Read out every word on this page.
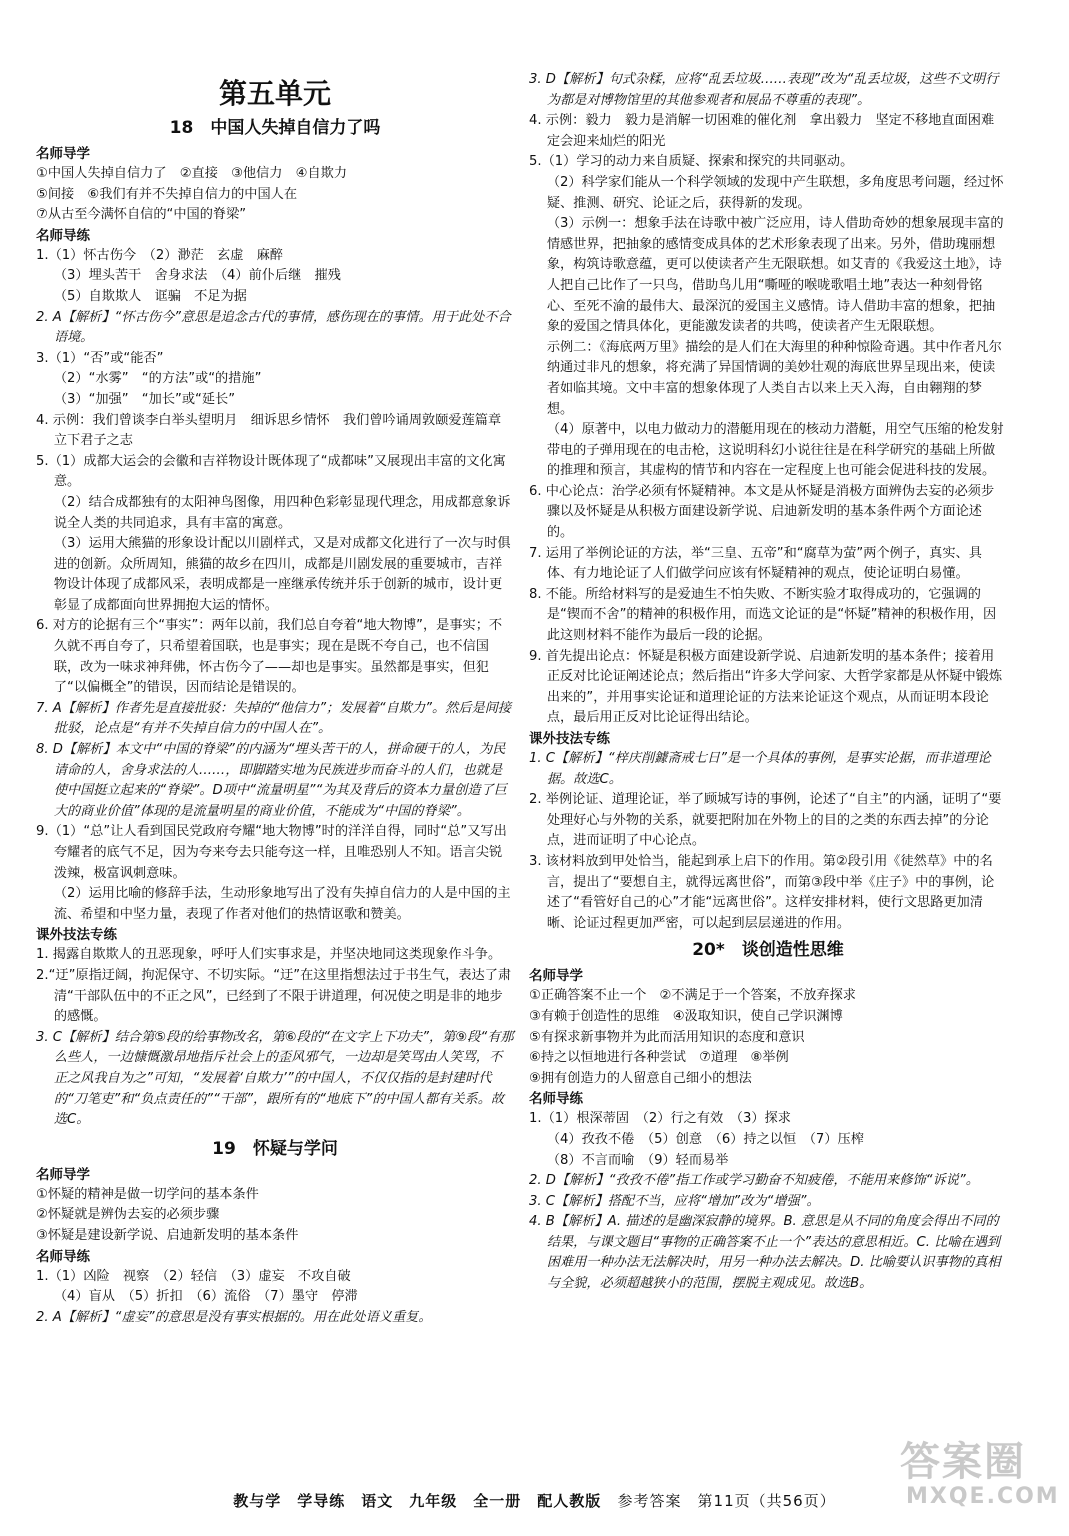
第五单元
18　中国人失掉自信力了吗
名师导学
①中国人失掉自信力了　②直接　③他信力　④自欺力
⑤间接　⑥我们有并不失掉自信力的中国人在
⑦从古至今满怀自信的“中国的脊梁”
名师导练
1.（1）怀古伤今　（2）渺茫　玄虚　麻醉
（3）埋头苦干　舍身求法　（4）前仆后继　摧残
（5）自欺欺人　诓骗　不足为据
2. A【解析】“怀古伤今”意思是追念古代的事情，感伤现在的事情。用于此处不合语境。
3.（1）“否”或“能否”
（2）“水雾”　“的方法”或“的措施”
（3）“加强”　“加长”或“延长”
4. 示例：我们曾谈李白举头望明月　细诉思乡情怀　我们曾吟诵周敦颐爱莲篇章　立下君子之志
5.（1）成都大运会的会徽和吉祥物设计既体现了“成都味”又展现出丰富的文化寓意。
（2）结合成都独有的太阳神鸟图像，用四种色彩彰显现代理念，用成都意象诉说全人类的共同追求，具有丰富的寓意。
（3）运用大熊猫的形象设计配以川剧样式，又是对成都文化进行了一次与时俱进的创新。众所周知，熊猫的故乡在四川，成都是川剧发展的重要城市，吉祥物设计体现了成都风采，表明成都是一座继承传统并乐于创新的城市，设计更彰显了成都面向世界拥抱大运的情怀。
6. 对方的论据有三个“事实”：两年以前，我们总自夸着“地大物博”，是事实；不久就不再自夸了，只希望着国联，也是事实；现在是既不夸自己，也不信国联，改为一味求神拜佛，怀古伤今了——却也是事实。虽然都是事实，但犯了“以偏概全”的错误，因而结论是错误的。
7. A【解析】作者先是直接批驳：失掉的“他信力”；发展着“自欺力”。然后是间接批驳，论点是“有并不失掉自信力的中国人在”。
8. D【解析】本文中“中国的脊梁”的内涵为“埋头苦干的人，拼命硬干的人，为民请命的人，舍身求法的人……，即脚踏实地为民族进步而奋斗的人们，也就是使中国挺立起来的“脊梁”。D项中“流量明星”“为其及背后的资本力量创造了巨大的商业价值”体现的是流量明星的商业价值，不能成为“中国的脊梁”。
9.（1）“总”让人看到国民党政府夸耀“地大物博”时的洋洋自得，同时“总”又写出夸耀者的底气不足，因为夸来夸去只能夸这一样，且唯恐别人不知。语言尖锐泼辣，极富讽刺意味。
（2）运用比喻的修辞手法，生动形象地写出了没有失掉自信力的人是中国的主流、希望和中坚力量，表现了作者对他们的热情讴歌和赞美。
课外技法专练
1. 揭露自欺欺人的丑恶现象，呼吁人们实事求是，并坚决地同这类现象作斗争。
2.“迂”原指迂阔，拘泥保守、不切实际。“迂”在这里指想法过于书生气，表达了肃清“干部队伍中的不正之风”，已经到了不限于讲道理，何况使之明是非的地步的感慨。
3. C【解析】结合第⑤段的给事物改名，第⑥段的“在文字上下功夫”，第⑨段“有那么些人，一边慷慨激昂地指斥社会上的歪风邪气，一边却是笑骂由人笑骂，不正之风我自为之”可知，“发展着‘自欺力’”的中国人，不仅仅指的是封建时代的“刀笔吏”和“负点责任的”“干部”，跟所有的“地底下”的中国人都有关系。故选C。
19　怀疑与学问
名师导学
①怀疑的精神是做一切学问的基本条件
②怀疑就是辨伪去妄的必须步骤
③怀疑是建设新学说、启迪新发明的基本条件
名师导练
1.（1）凶险　视察　（2）轻信　（3）虚妄　不攻自破
（4）盲从　（5）折扣　（6）流俗　（7）墨守　停滞
2. A【解析】“虚妄”的意思是没有事实根据的。用在此处语义重复。
3. D【解析】句式杂糅，应将“乱丢垃圾……表现”改为“乱丢垃圾，这些不文明行为都是对博物馆里的其他参观者和展品不尊重的表现”。
4. 示例：毅力　毅力是消解一切困难的催化剂　拿出毅力　坚定不移地直面困难　定会迎来灿烂的阳光
5.（1）学习的动力来自质疑、探索和探究的共同驱动。
（2）科学家们能从一个科学领域的发现中产生联想，多角度思考问题，经过怀疑、推测、研究、论证之后，获得新的发现。
（3）示例一：想象手法在诗歌中被广泛应用，诗人借助奇妙的想象展现丰富的情感世界，把抽象的感情变成具体的艺术形象表现了出来。另外，借助瑰丽想象，构筑诗歌意蕴，更可以使读者产生无限联想。如艾青的《我爱这土地》，诗人把自己比作了一只鸟，借助鸟儿用“嘶哑的喉咙歌唱土地”表达一种刻骨铭心、至死不渝的最伟大、最深沉的爱国主义感情。诗人借助丰富的想象，把抽象的爱国之情具体化，更能激发读者的共鸣，使读者产生无限联想。
示例二：《海底两万里》描绘的是人们在大海里的种种惊险奇遇。其中作者凡尔纳通过非凡的想象，将充满了异国情调的美妙壮观的海底世界呈现出来，使读者如临其境。文中丰富的想象体现了人类自古以来上天入海，自由翱翔的梦想。
（4）原著中，以电力做动力的潜艇用现在的核动力潜艇，用空气压缩的枪发射带电的子弹用现在的电击枪，这说明科幻小说往往是在科学研究的基础上所做的推理和预言，其虚构的情节和内容在一定程度上也可能会促进科技的发展。
6. 中心论点：治学必须有怀疑精神。本文是从怀疑是消极方面辨伪去妄的必须步骤以及怀疑是从积极方面建设新学说、启迪新发明的基本条件两个方面论述的。
7. 运用了举例论证的方法，举“三皇、五帝”和“腐草为萤”两个例子，真实、具体、有力地论证了人们做学问应该有怀疑精神的观点，使论证明白易懂。
8. 不能。所给材料写的是爱迪生不怕失败、不断实验才取得成功的，它强调的是“锲而不舍”的精神的积极作用，而选文论证的是“怀疑”精神的积极作用，因此这则材料不能作为最后一段的论据。
9. 首先提出论点：怀疑是积极方面建设新学说、启迪新发明的基本条件；接着用正反对比论证阐述论点；然后指出“许多大学问家、大哲学家都是从怀疑中锻炼出来的”，并用事实论证和道理论证的方法来论证这个观点，从而证明本段论点，最后用正反对比论证得出结论。
课外技法专练
1. C【解析】“梓庆削鐻斋戒七日”是一个具体的事例，是事实论据，而非道理论据。故选C。
2. 举例论证、道理论证，举了顾城写诗的事例，论述了“自主”的内涵，证明了“要处理好心与外物的关系，就要把附加在外物上的目的之类的东西去掉”的分论点，进而证明了中心论点。
3. 该材料放到甲处恰当，能起到承上启下的作用。第②段引用《徒然草》中的名言，提出了“要想自主，就得远离世俗”，而第③段中举《庄子》中的事例，论述了“看管好自己的心”才能“远离世俗”。这样安排材料，使行文思路更加清晰、论证过程更加严密，可以起到层层递进的作用。
20*　谈创造性思维
名师导学
①正确答案不止一个　②不满足于一个答案，不放弃探求
③有赖于创造性的思维　④汲取知识，使自己学识渊博
⑤有探求新事物并为此而活用知识的态度和意识
⑥持之以恒地进行各种尝试　⑦道理　⑧举例
⑨拥有创造力的人留意自己细小的想法
名师导练
1.（1）根深蒂固　（2）行之有效　（3）探求
（4）孜孜不倦　（5）创意　（6）持之以恒　（7）压榨
（8）不言而喻　（9）轻而易举
2. D【解析】“孜孜不倦”指工作或学习勤奋不知疲倦，不能用来修饰“诉说”。
3. C【解析】搭配不当，应将“增加”改为“增强”。
4. B【解析】A. 描述的是幽深寂静的境界。B. 意思是从不同的角度会得出不同的结果，与课文题目“事物的正确答案不止一个”表达的意思相近。C. 比喻在遇到困难用一种办法无法解决时，用另一种办法去解决。D. 比喻要认识事物的真相与全貌，必须超越狭小的范围，摆脱主观成见。故选B。
教与学　学导练　语文　九年级　全一册　配人教版 参考答案　第11页（共56页）
答案圈
MXQE.COM
